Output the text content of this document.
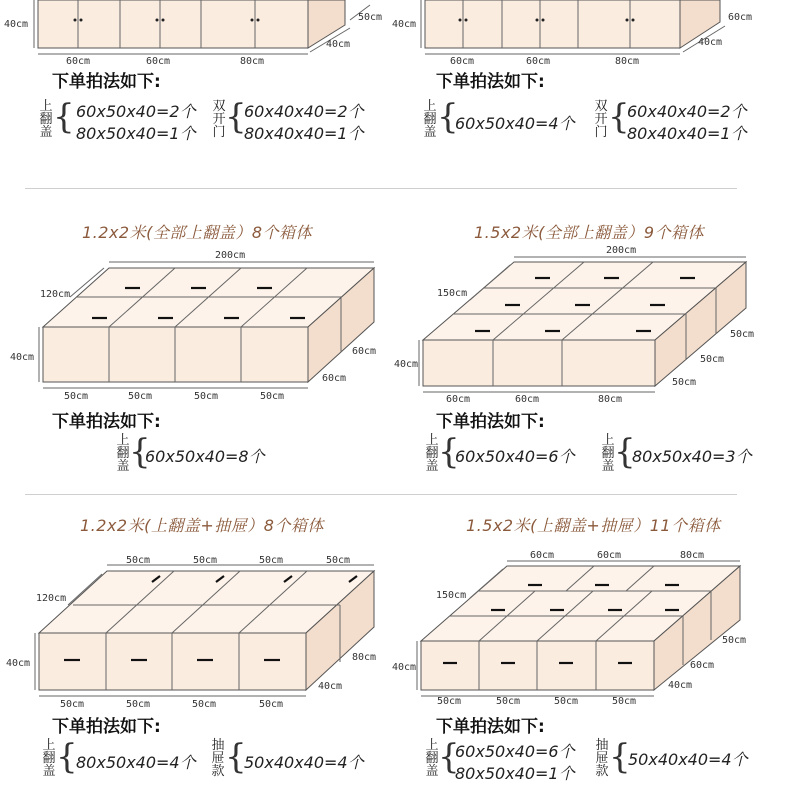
40cm
60cm	60cm	80cm
40cm
50cm
40cm
60cm	60cm	80cm
40cm
60cm
200cm
120cm
40cm
60cm
60cm
50cm	50cm	50cm	50cm
200cm
150cm
40cm
50cm
50cm
50cm
60cm	60cm	80cm
50cm	50cm	50cm	50cm
120cm
40cm
80cm
40cm
50cm	50cm	50cm	50cm
60cm	60cm	80cm
150cm
40cm
50cm
60cm
40cm
50cm	50cm	50cm	50cm
下单拍法如下:
上
翻
盖 { 60x50x40=2个
80x50x40=1个
双
开
门 {
60x40x40=2个
80x40x40=1个
下单拍法如下:
上
翻
盖 {
60x50x40=4个
双
开
门 {
60x40x40=2个
80x40x40=1个
1.2x2米(全部上翻盖）8个箱体
下单拍法如下:
上
翻
盖 {
60x50x40=8个
1.5x2米(全部上翻盖）9个箱体
下单拍法如下:
上
翻
盖 {
60x50x40=6个
上
翻
盖 {
80x50x40=3个
1.2x2米(上翻盖+抽屉）8个箱体
下单拍法如下:
上
翻
盖 {
80x50x40=4个
抽
屉
款 {
50x40x40=4个
1.5x2米(上翻盖+抽屉）11个箱体
下单拍法如下:
上
翻
盖 {
60x50x40=6个
80x50x40=1个
抽
屉
款 {
50x40x40=4个
